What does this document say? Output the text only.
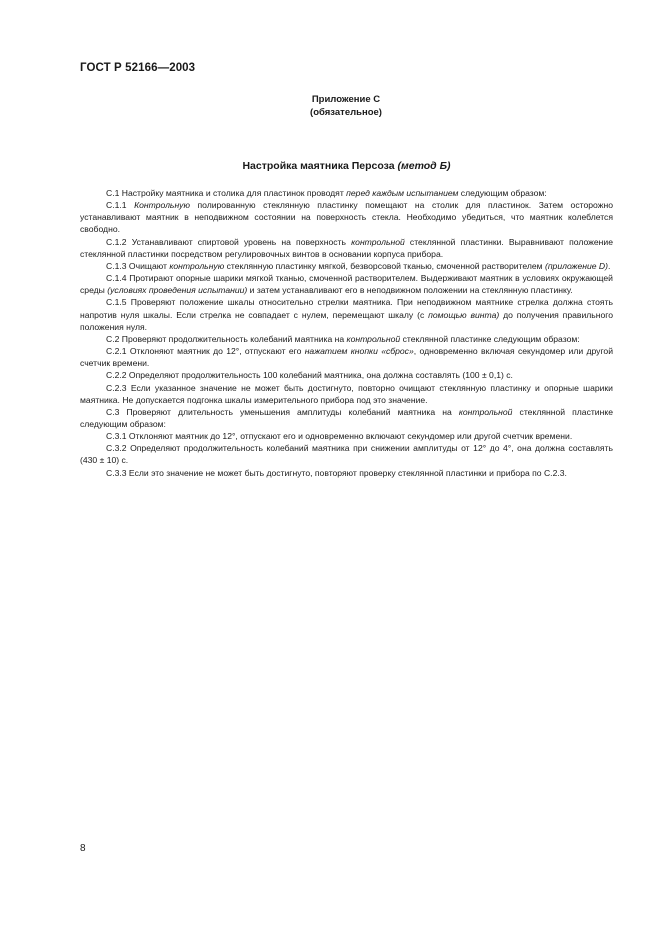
ГОСТ Р 52166—2003
Приложение С
(обязательное)
Настройка маятника Персоза (метод Б)

С.1 Настройку маятника и столика для пластинок проводят перед каждым испытанием следующим образом:

С.1.1 Контрольную полированную стеклянную пластинку помещают на столик для пластинок. Затем осторожно устанавливают маятник в неподвижном состоянии на поверхность стекла. Необходимо убедиться, что маятник колеблется свободно.

С.1.2 Устанавливают спиртовой уровень на поверхность контрольной стеклянной пластинки. Выравнивают положение стеклянной пластинки посредством регулировочных винтов в основании корпуса прибора.

С.1.3 Очищают контрольную стеклянную пластинку мягкой, безворсовой тканью, смоченной растворителем (приложение D).

С.1.4 Протирают опорные шарики мягкой тканью, смоченной растворителем. Выдерживают маятник в условиях окружающей среды (условиях проведения испытании) и затем устанавливают его в неподвижном положении на стеклянную пластинку.

С.1.5 Проверяют положение шкалы относительно стрелки маятника. При неподвижном маятнике стрелка должна стоять напротив нуля шкалы. Если стрелка не совпадает с нулем, перемещают шкалу (с помощью винта) до получения правильного положения нуля.

С.2 Проверяют продолжительность колебаний маятника на контрольной стеклянной пластинке следующим образом:

С.2.1 Отклоняют маятник до 12°, отпускают его нажатием кнопки «сброс», одновременно включая секундомер или другой счетчик времени.

С.2.2 Определяют продолжительность 100 колебаний маятника, она должна составлять (100 ± 0,1) с.

С.2.3 Если указанное значение не может быть достигнуто, повторно очищают стеклянную пластинку и опорные шарики маятника. Не допускается подгонка шкалы измерительного прибора под это значение.

С.3 Проверяют длительность уменьшения амплитуды колебаний маятника на контрольной стеклянной пластинке следующим образом:

С.3.1 Отклоняют маятник до 12°, отпускают его и одновременно включают секундомер или другой счетчик времени.

С.3.2 Определяют продолжительность колебаний маятника при снижении амплитуды от 12° до 4°, она должна составлять (430 ± 10) с.

С.3.3 Если это значение не может быть достигнуто, повторяют проверку стеклянной пластинки и прибора по С.2.3.

8
